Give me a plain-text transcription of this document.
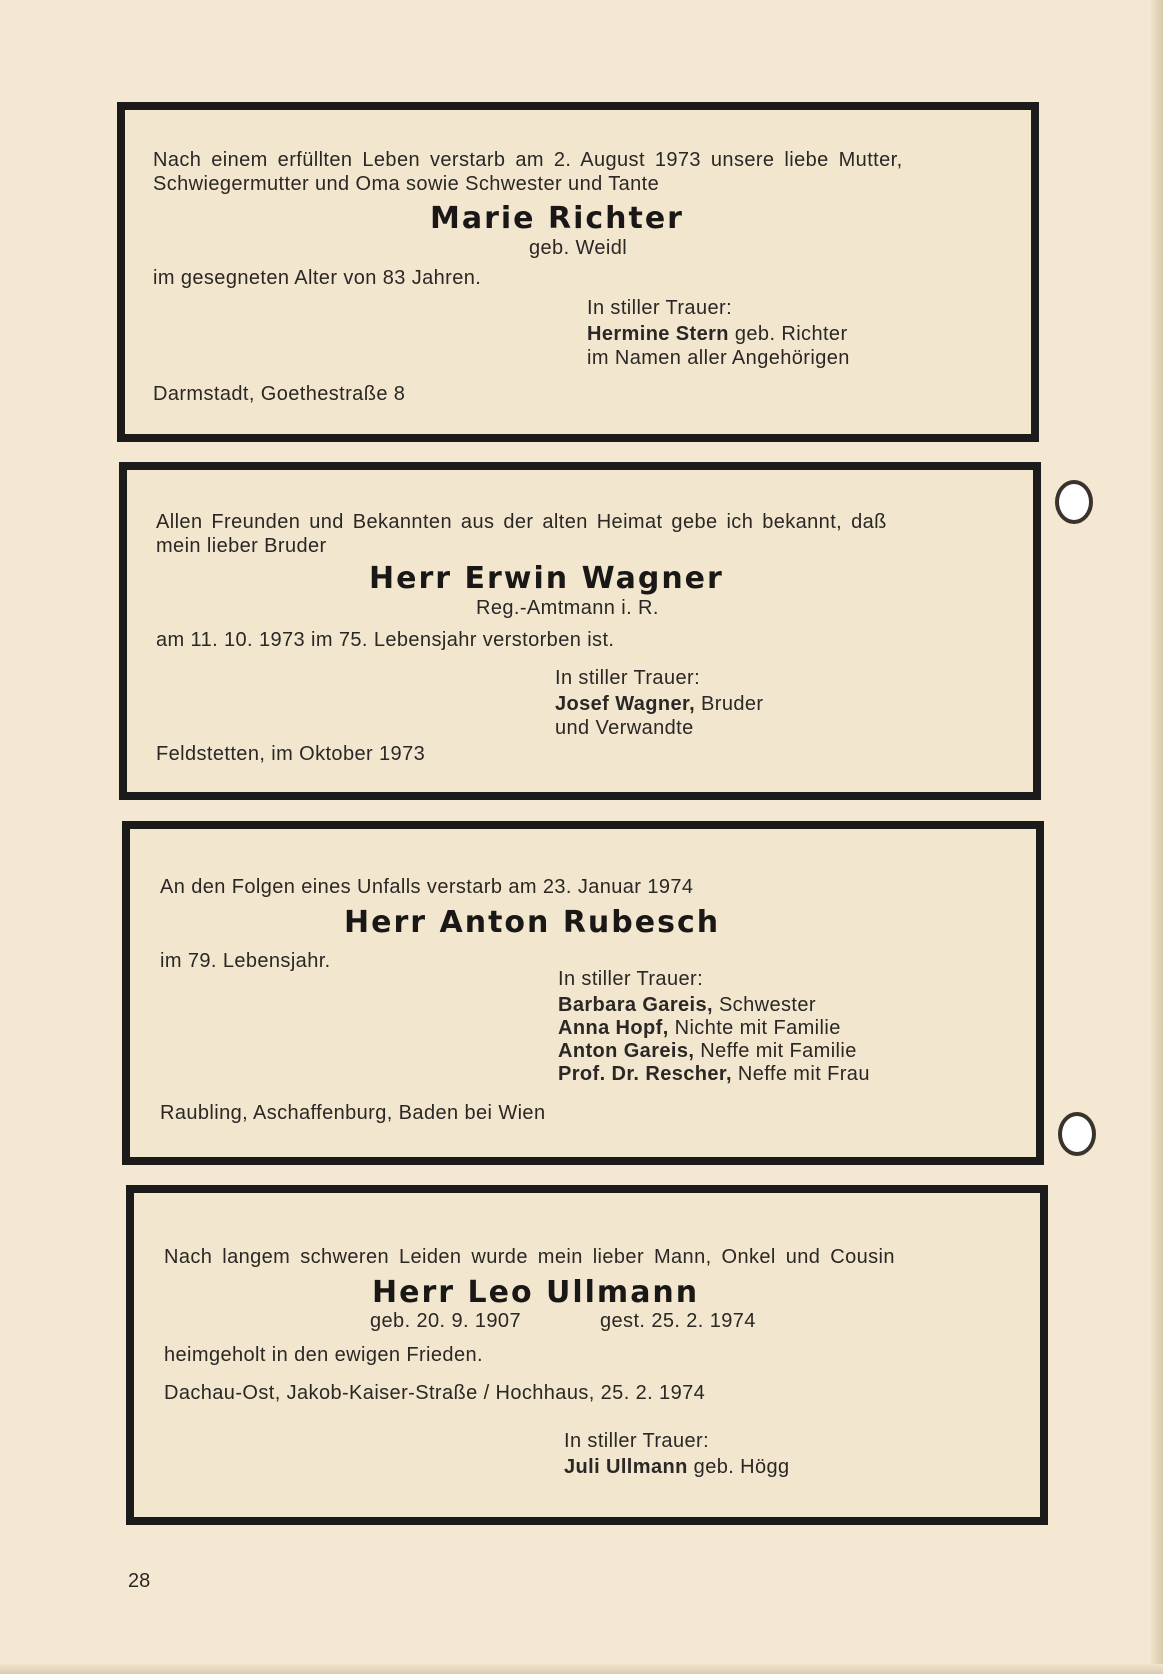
Nach einem erfüllten Leben verstarb am 2. August 1973 unsere liebe Mutter,
Schwiegermutter und Oma sowie Schwester und Tante
Marie Richter
geb. Weidl
im gesegneten Alter von 83 Jahren.
In stiller Trauer:
Hermine Stern geb. Richter
im Namen aller Angehörigen
Darmstadt, Goethestraße 8
Allen Freunden und Bekannten aus der alten Heimat gebe ich bekannt, daß
mein lieber Bruder
Herr Erwin Wagner
Reg.-Amtmann i. R.
am 11. 10. 1973 im 75. Lebensjahr verstorben ist.
In stiller Trauer:
Josef Wagner, Bruder
und Verwandte
Feldstetten, im Oktober 1973
An den Folgen eines Unfalls verstarb am 23. Januar 1974
Herr Anton Rubesch
im 79. Lebensjahr.
In stiller Trauer:
Barbara Gareis, Schwester
Anna Hopf, Nichte mit Familie
Anton Gareis, Neffe mit Familie
Prof. Dr. Rescher, Neffe mit Frau
Raubling, Aschaffenburg, Baden bei Wien
Nach langem schweren Leiden wurde mein lieber Mann, Onkel und Cousin
Herr Leo Ullmann
geb. 20. 9. 1907	gest. 25. 2. 1974
heimgeholt in den ewigen Frieden.
Dachau-Ost, Jakob-Kaiser-Straße / Hochhaus, 25. 2. 1974
In stiller Trauer:
Juli Ullmann geb. Högg
28
